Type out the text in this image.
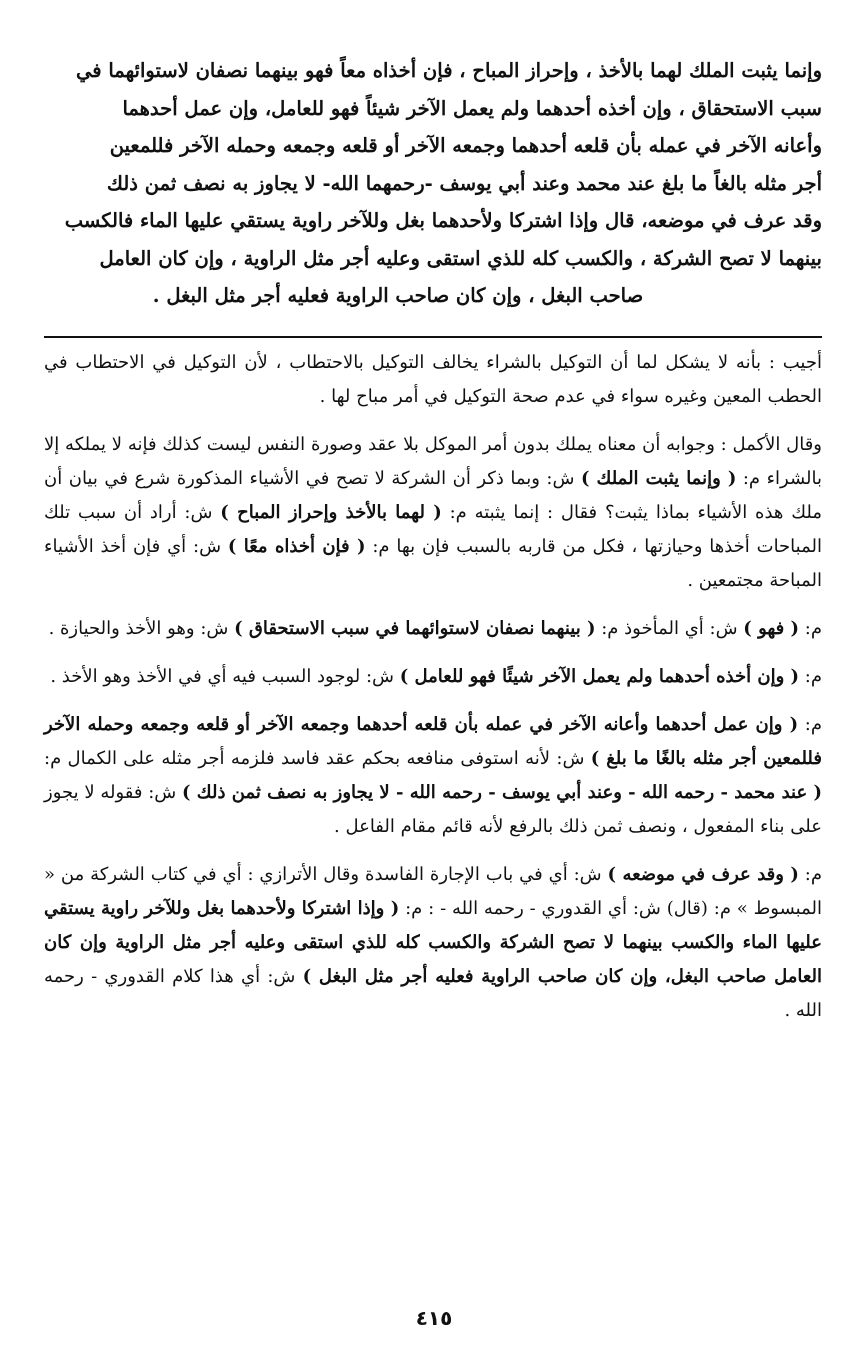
وإنما يثبت الملك لهما بالأخذ ، وإحراز المباح ، فإن أخذاه معاً فهو بينهما نصفان لاستوائهما في

سبب الاستحقاق ، وإن أخذه أحدهما ولم يعمل الآخر شيئاً فهو للعامل، وإن عمل أحدهما

وأعانه الآخر في عمله بأن قلعه أحدهما وجمعه الآخر أو قلعه وجمعه وحمله الآخر فللمعين

أجر مثله بالغاً ما بلغ عند محمد وعند أبي يوسف -رحمهما الله- لا يجاوز به نصف ثمن ذلك

وقد عرف في موضعه، قال وإذا اشتركا ولأحدهما بغل وللآخر راوية يستقي عليها الماء فالكسب

بينهما لا تصح الشركة ، والكسب كله للذي استقى وعليه أجر مثل الراوية ، وإن كان العامل

صاحب البغل ، وإن كان صاحب الراوية فعليه أجر مثل البغل .

أجيب : بأنه لا يشكل لما أن التوكيل بالشراء يخالف التوكيل بالاحتطاب ، لأن التوكيل في الاحتطاب في الحطب المعين وغيره سواء في عدم صحة التوكيل في أمر مباح لها .

وقال الأكمل : وجوابه أن معناه يملك بدون أمر الموكل بلا عقد وصورة النفس ليست كذلك فإنه لا يملكه إلا بالشراء م: ( وإنما يثبت الملك ) ش: وبما ذكر أن الشركة لا تصح في الأشياء المذكورة شرع في بيان أن ملك هذه الأشياء بماذا يثبت؟ فقال : إنما يثبته م: ( لهما بالأخذ وإحراز المباح ) ش: أراد أن سبب تلك المباحات أخذها وحيازتها ، فكل من قاربه بالسبب فإن بها م: ( فإن أخذاه معًا ) ش: أي فإن أخذ الأشياء المباحة مجتمعين .

م: ( فهو ) ش: أي المأخوذ م: ( بينهما نصفان لاستوائهما في سبب الاستحقاق ) ش: وهو الأخذ والحيازة .

م: ( وإن أخذه أحدهما ولم يعمل الآخر شيئًا فهو للعامل ) ش: لوجود السبب فيه أي في الأخذ وهو الأخذ .

م: ( وإن عمل أحدهما وأعانه الآخر في عمله بأن قلعه أحدهما وجمعه الآخر أو قلعه وجمعه وحمله الآخر فللمعين أجر مثله بالغًا ما بلغ ) ش: لأنه استوفى منافعه بحكم عقد فاسد فلزمه أجر مثله على الكمال م: ( عند محمد - رحمه الله - وعند أبي يوسف - رحمه الله - لا يجاوز به نصف ثمن ذلك ) ش: فقوله لا يجوز على بناء المفعول ، ونصف ثمن ذلك بالرفع لأنه قائم مقام الفاعل .

م: ( وقد عرف في موضعه ) ش: أي في باب الإجارة الفاسدة وقال الأترازي : أي في كتاب الشركة من « المبسوط » م: (قال) ش: أي القدوري - رحمه الله - : م: ( وإذا اشتركا ولأحدهما بغل وللآخر راوية يستقي عليها الماء والكسب بينهما لا تصح الشركة والكسب كله للذي استقى وعليه أجر مثل الراوية وإن كان العامل صاحب البغل، وإن كان صاحب الراوية فعليه أجر مثل البغل ) ش: أي هذا كلام القدوري - رحمه الله .

٤١٥
